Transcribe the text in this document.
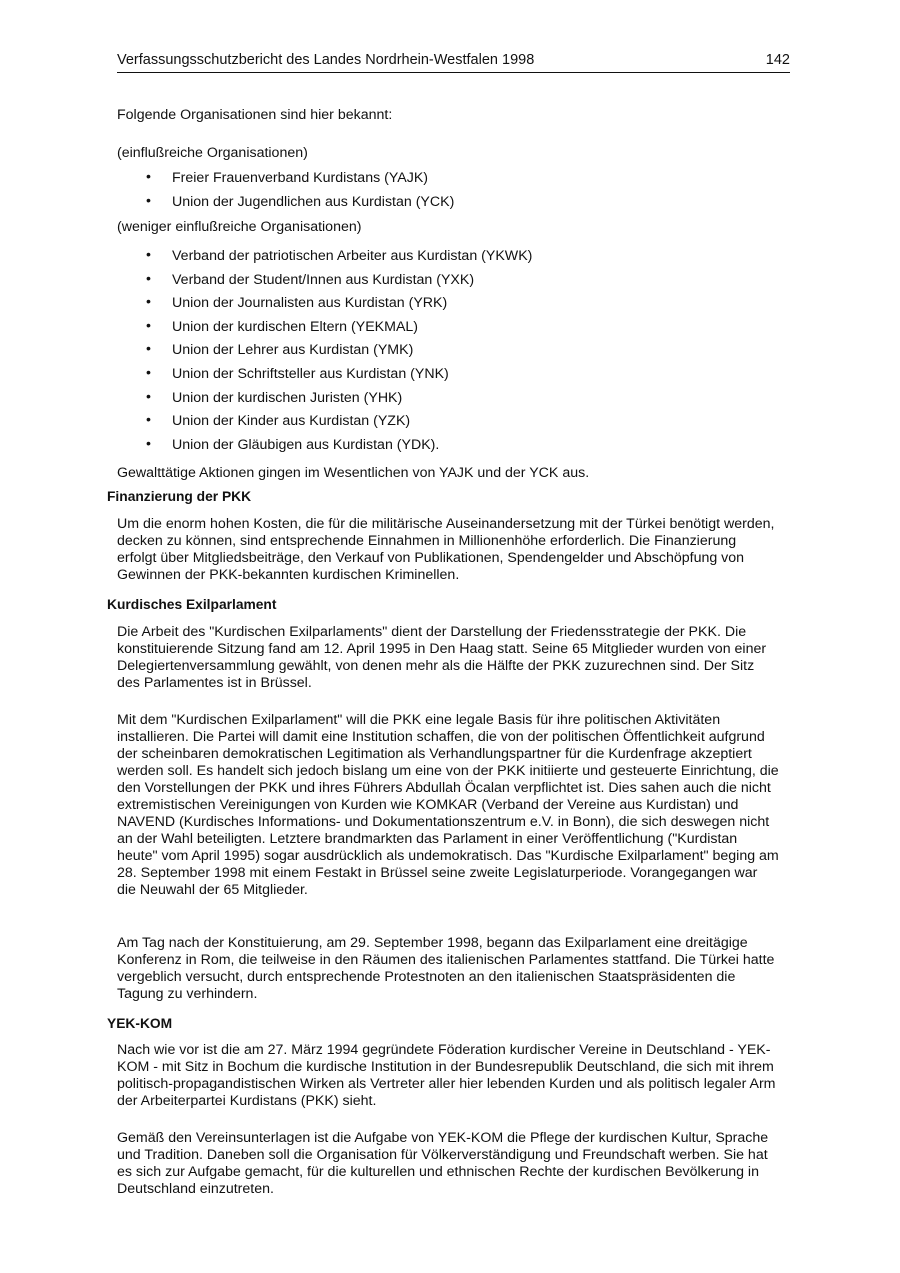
Verfassungsschutzbericht des Landes Nordrhein-Westfalen 1998	142
Folgende Organisationen sind hier bekannt:
(einflußreiche Organisationen)
• Freier Frauenverband Kurdistans (YAJK)
• Union der Jugendlichen aus Kurdistan (YCK)
(weniger einflußreiche Organisationen)
• Verband der patriotischen Arbeiter aus Kurdistan (YKWK)
• Verband der Student/Innen aus Kurdistan (YXK)
• Union der Journalisten aus Kurdistan (YRK)
• Union der kurdischen Eltern (YEKMAL)
• Union der Lehrer aus Kurdistan (YMK)
• Union der Schriftsteller aus Kurdistan (YNK)
• Union der kurdischen Juristen (YHK)
• Union der Kinder aus Kurdistan (YZK)
• Union der Gläubigen aus Kurdistan (YDK).
Gewalttätige Aktionen gingen im Wesentlichen von YAJK und der YCK aus.
Finanzierung der PKK
Um die enorm hohen Kosten, die für die militärische Auseinandersetzung mit der Türkei benötigt werden, decken zu können, sind entsprechende Einnahmen in Millionenhöhe erforderlich. Die Finanzierung erfolgt über Mitgliedsbeiträge, den Verkauf von Publikationen, Spendengelder und Abschöpfung von Gewinnen der PKK-bekannten kurdischen Kriminellen.
Kurdisches Exilparlament
Die Arbeit des "Kurdischen Exilparlaments" dient der Darstellung der Friedensstrategie der PKK. Die konstituierende Sitzung fand am 12. April 1995 in Den Haag statt. Seine 65 Mitglieder wurden von einer Delegiertenversammlung gewählt, von denen mehr als die Hälfte der PKK zuzurechnen sind. Der Sitz des Parlamentes ist in Brüssel.
Mit dem "Kurdischen Exilparlament" will die PKK eine legale Basis für ihre politischen Aktivitäten installieren. Die Partei will damit eine Institution schaffen, die von der politischen Öffentlichkeit aufgrund der scheinbaren demokratischen Legitimation als Verhandlungspartner für die Kurdenfrage akzeptiert werden soll. Es handelt sich jedoch bislang um eine von der PKK initiierte und gesteuerte Einrichtung, die den Vorstellungen der PKK und ihres Führers Abdullah Öcalan verpflichtet ist. Dies sahen auch die nicht extremistischen Vereinigungen von Kurden wie KOMKAR (Verband der Vereine aus Kurdistan) und NAVEND (Kurdisches Informations- und Dokumentationszentrum e.V. in Bonn), die sich deswegen nicht an der Wahl beteiligten. Letztere brandmarkten das Parlament in einer Veröffentlichung ("Kurdistan heute" vom April 1995) sogar ausdrücklich als undemokratisch. Das "Kurdische Exilparlament" beging am 28. September 1998 mit einem Festakt in Brüssel seine zweite Legislaturperiode. Vorangegangen war die Neuwahl der 65 Mitglieder.
Am Tag nach der Konstituierung, am 29. September 1998, begann das Exilparlament eine dreitägige Konferenz in Rom, die teilweise in den Räumen des italienischen Parlamentes stattfand. Die Türkei hatte vergeblich versucht, durch entsprechende Protestnoten an den italienischen Staatspräsidenten die Tagung zu verhindern.
YEK-KOM
Nach wie vor ist die am 27. März 1994 gegründete Föderation kurdischer Vereine in Deutschland - YEK-KOM - mit Sitz in Bochum die kurdische Institution in der Bundesrepublik Deutschland, die sich mit ihrem politisch-propagandistischen Wirken als Vertreter aller hier lebenden Kurden und als politisch legaler Arm der Arbeiterpartei Kurdistans (PKK) sieht.
Gemäß den Vereinsunterlagen ist die Aufgabe von YEK-KOM die Pflege der kurdischen Kultur, Sprache und Tradition. Daneben soll die Organisation für Völkerverständigung und Freundschaft werben. Sie hat es sich zur Aufgabe gemacht, für die kulturellen und ethnischen Rechte der kurdischen Bevölkerung in Deutschland einzutreten.
